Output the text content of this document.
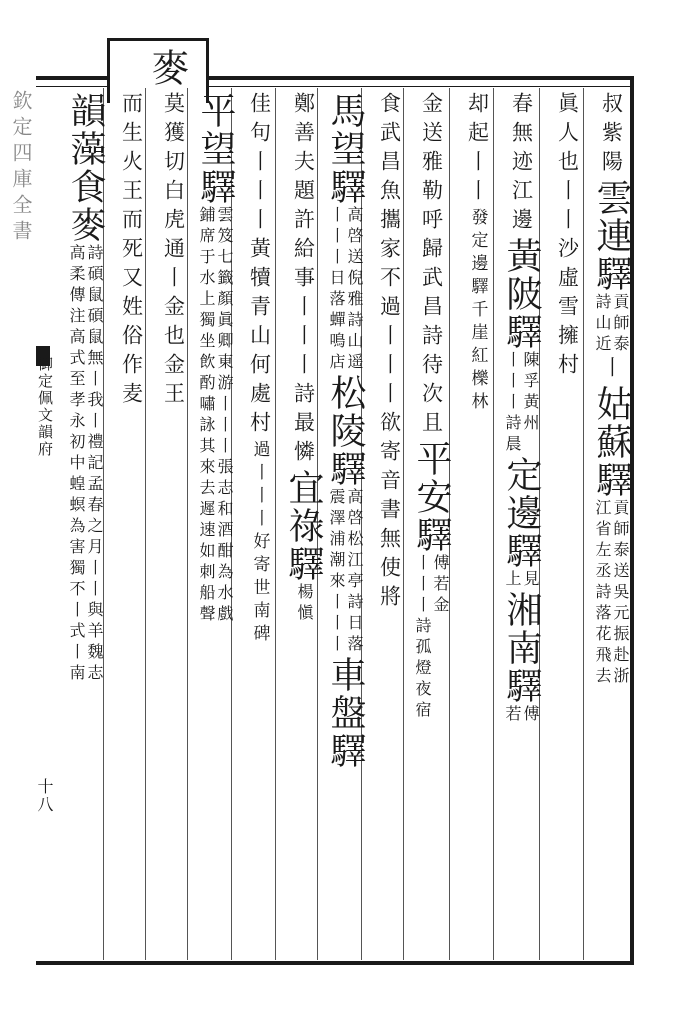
欽定四庫全書
御定佩文韻府
十八
麥
叔紫陽
雲連驛
貢師泰
詩山近
丨
姑蘇驛
貢師泰送吳元振赴浙
江省左丞詩落花飛去
眞人也
丨丨沙虛雪擁村
春無迹江邊
黃陂驛
陳孚黃州
丨丨丨詩晨
定邊驛
見
上
湘南驛
傅
若
却起丨丨
發定邊驛千崖紅櫟林
金送雅勒呼歸武昌詩待次且
平安驛
傅若金
丨丨丨詩孤燈夜宿
食武昌魚攜家不過丨丨丨欲寄音書無使將
馬望驛
高啓送倪雅詩山遥
丨丨丨日落蟬鳴店
松陵驛
高啓松江亭詩日落
震澤浦潮來丨丨丨
車盤驛
鄭善夫題許給事丨丨丨詩最憐
宜祿驛
楊愼
佳句丨丨丨黃犢青山何處村
過丨丨丨好寄世南碑
平望驛
雲笈七籤顏眞卿東游丨丨丨張志和酒酣為水戲
鋪席于水上獨坐飲酌嘯詠其來去遲速如刺船聲
莫獲切白虎通丨金也金王
而生火王而死又姓俗作麦
韻藻食麥
詩碩鼠碩鼠無丨我丨禮記孟春之月丨丨與羊魏志
高柔傳注高式至孝永初中蝗螟為害獨不丨式丨南
